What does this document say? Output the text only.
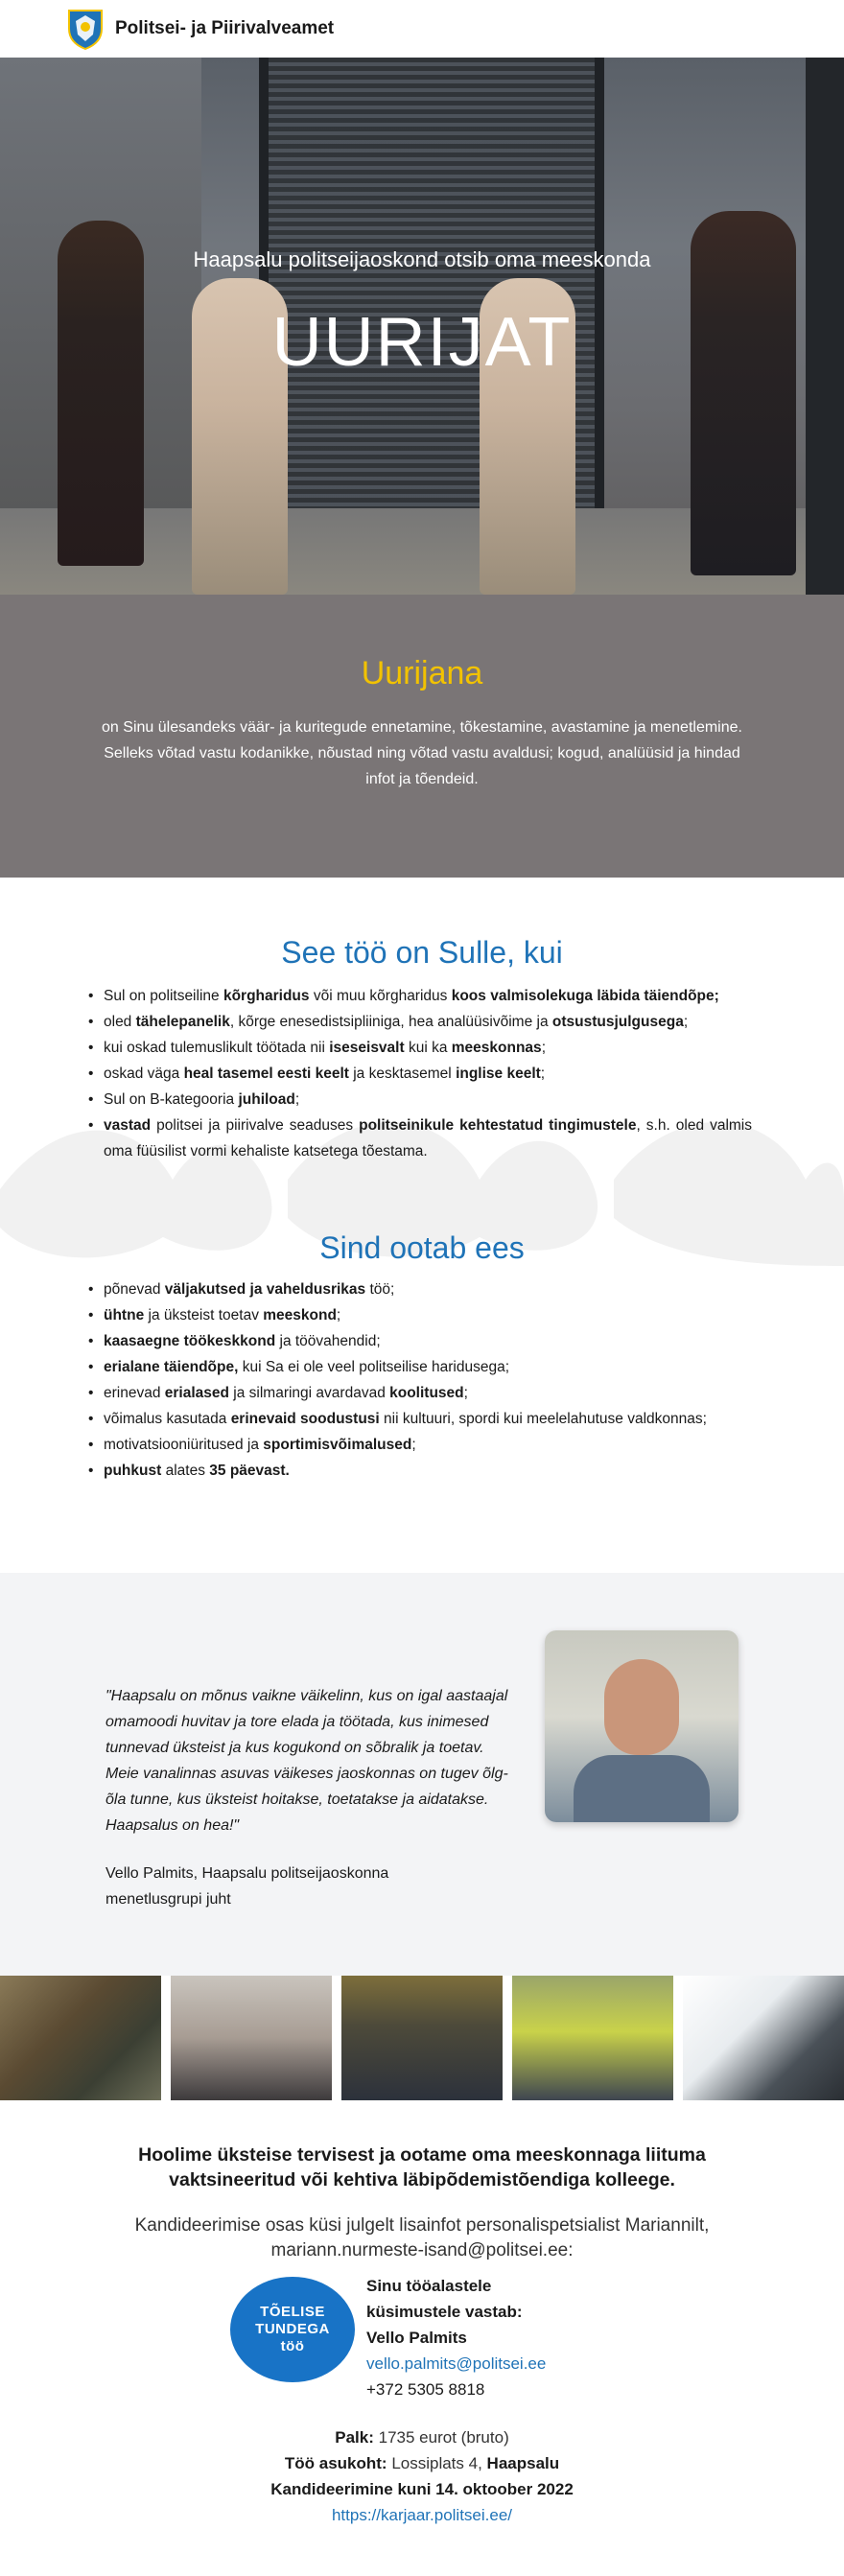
Politsei- ja Piirivalveamet
Haapsalu politseijaoskond otsib oma meeskonda
UURIJAT
Uurijana
on Sinu ülesandeks väär- ja kuritegude ennetamine, tõkestamine, avastamine ja menetlemine.
Selleks võtad vastu kodanikke, nõustad ning võtad vastu avaldusi; kogud, analüüsid ja hindad infot ja tõendeid.
See töö on Sulle, kui
• Sul on politseiline kõrgharidus või muu kõrgharidus koos valmisolekuga läbida täiendõpe;
• oled tähelepanelik, kõrge enesedistsipliiniga, hea analüüsivõime ja otsustusjulgusega;
• kui oskad tulemuslikult töötada nii iseseisvalt kui ka meeskonnas;
• oskad väga heal tasemel eesti keelt ja kesktasemel inglise keelt;
• Sul on B-kategooria juhiload;
• vastad politsei ja piirivalve seaduses politseinikule kehtestatud tingimustele, s.h. oled valmis oma füüsilist vormi kehaliste katsetega tõestama.
Sind ootab ees
• põnevad väljakutsed ja vaheldusrikas töö;
• ühtne ja üksteist toetav meeskond;
• kaasaegne töökeskkond ja töövahendid;
• erialane täiendõpe, kui Sa ei ole veel politseilise haridusega;
• erinevad erialased ja silmaringi avardavad koolitused;
• võimalus kasutada erinevaid soodustusi nii kultuuri, spordi kui meelelahutuse valdkonnas;
• motivatsiooniüritused ja sportimisvõimalused;
• puhkust alates 35 päevast.
"Haapsalu on mõnus vaikne väikelinn, kus on igal aastaajal omamoodi huvitav ja tore elada ja töötada, kus inimesed tunnevad üksteist ja kus kogukond on sõbralik ja toetav. Meie vanalinnas asuvas väikeses jaoskonnas on tugev õlg-õla tunne, kus üksteist hoitakse, toetatakse ja aidatakse. Haapsalus on hea!"
Vello Palmits, Haapsalu politseijaoskonna
menetlusgrupi juht
Hoolime üksteise tervisest ja ootame oma meeskonnaga liituma
vaktsineeritud või kehtiva läbipõdemistõendiga kolleege.
Kandideerimise osas küsi julgelt lisainfot personalispetsialist Mariannilt,
mariann.nurmeste-isand@politsei.ee:
TÕELISE
TUNDEGA
töö
Sinu tööalastele küsimustele vastab:
Vello Palmits
vello.palmits@politsei.ee
+372 5305 8818
Palk: 1735 eurot (bruto)
Töö asukoht: Lossiplats 4, Haapsalu
Kandideerimine kuni 14. oktoober 2022
https://karjaar.politsei.ee/
